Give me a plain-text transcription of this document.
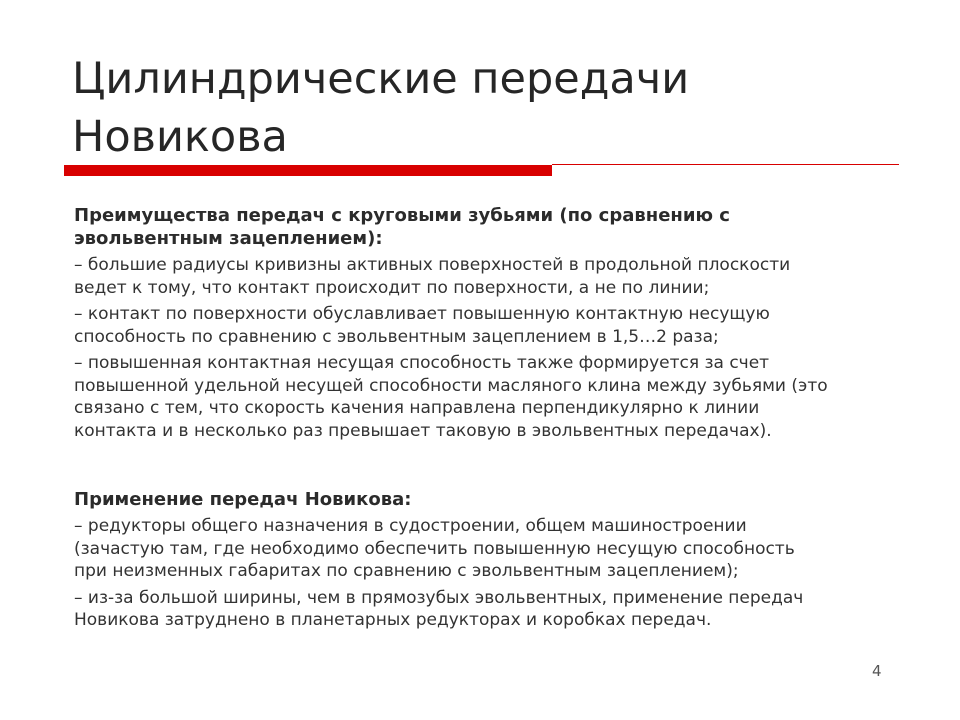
Цилиндрические передачи
Новикова

Преимущества передач с круговыми зубьями (по сравнению с
эвольвентным зацеплением):

– большие радиусы кривизны активных поверхностей в продольной плоскости
ведет к тому, что контакт происходит по поверхности, а не по линии;

– контакт по поверхности обуславливает повышенную контактную несущую
способность по сравнению с эвольвентным зацеплением в 1,5…2 раза;

– повышенная контактная несущая способность также формируется за счет
повышенной удельной несущей способности масляного клина между зубьями (это
связано с тем, что скорость качения направлена перпендикулярно к линии
контакта и в несколько раз превышает таковую в эвольвентных передачах).

Применение передач Новикова:

– редукторы общего назначения в судостроении, общем машиностроении
(зачастую там, где необходимо обеспечить повышенную несущую способность
при неизменных габаритах по сравнению с эвольвентным зацеплением);

– из-за большой ширины, чем в прямозубых эвольвентных, применение передач
Новикова затруднено в планетарных редукторах и коробках передач.

4
